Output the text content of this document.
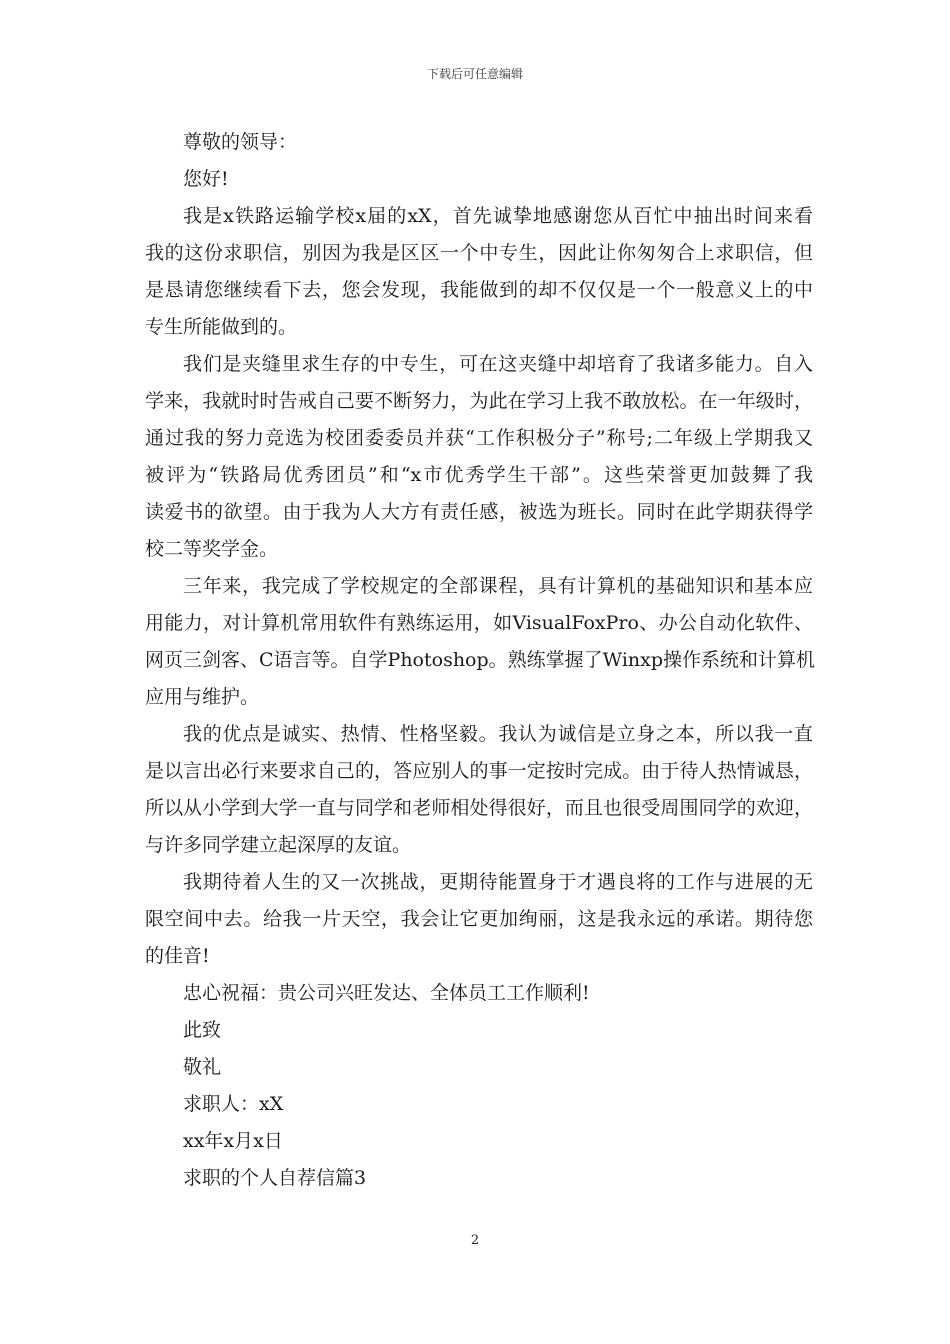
下载后可任意编辑
尊敬的领导：
您好!
我是x铁路运输学校x届的xX，首先诚挚地感谢您从百忙中抽出时间来看
我的这份求职信，别因为我是区区一个中专生，因此让你匆匆合上求职信，但
是恳请您继续看下去，您会发现，我能做到的却不仅仅是一个一般意义上的中
专生所能做到的。
我们是夹缝里求生存的中专生，可在这夹缝中却培育了我诸多能力。自入
学来，我就时时告戒自己要不断努力，为此在学习上我不敢放松。在一年级时，
通过我的努力竞选为校团委委员并获“工作积极分子”称号;二年级上学期我又
被评为“铁路局优秀团员”和“x市优秀学生干部”。这些荣誉更加鼓舞了我
读爱书的欲望。由于我为人大方有责任感，被选为班长。同时在此学期获得学
校二等奖学金。
三年来，我完成了学校规定的全部课程，具有计算机的基础知识和基本应
用能力，对计算机常用软件有熟练运用，如VisualFoxPro、办公自动化软件、
网页三剑客、C语言等。自学Photoshop。熟练掌握了Winxp操作系统和计算机
应用与维护。
我的优点是诚实、热情、性格坚毅。我认为诚信是立身之本，所以我一直
是以言出必行来要求自己的，答应别人的事一定按时完成。由于待人热情诚恳，
所以从小学到大学一直与同学和老师相处得很好，而且也很受周围同学的欢迎，
与许多同学建立起深厚的友谊。
我期待着人生的又一次挑战，更期待能置身于才遇良将的工作与进展的无
限空间中去。给我一片天空，我会让它更加绚丽，这是我永远的承诺。期待您
的佳音!
忠心祝福：贵公司兴旺发达、全体员工工作顺利!
此致
敬礼
求职人：xX
xx年x月x日
求职的个人自荐信篇3
2
